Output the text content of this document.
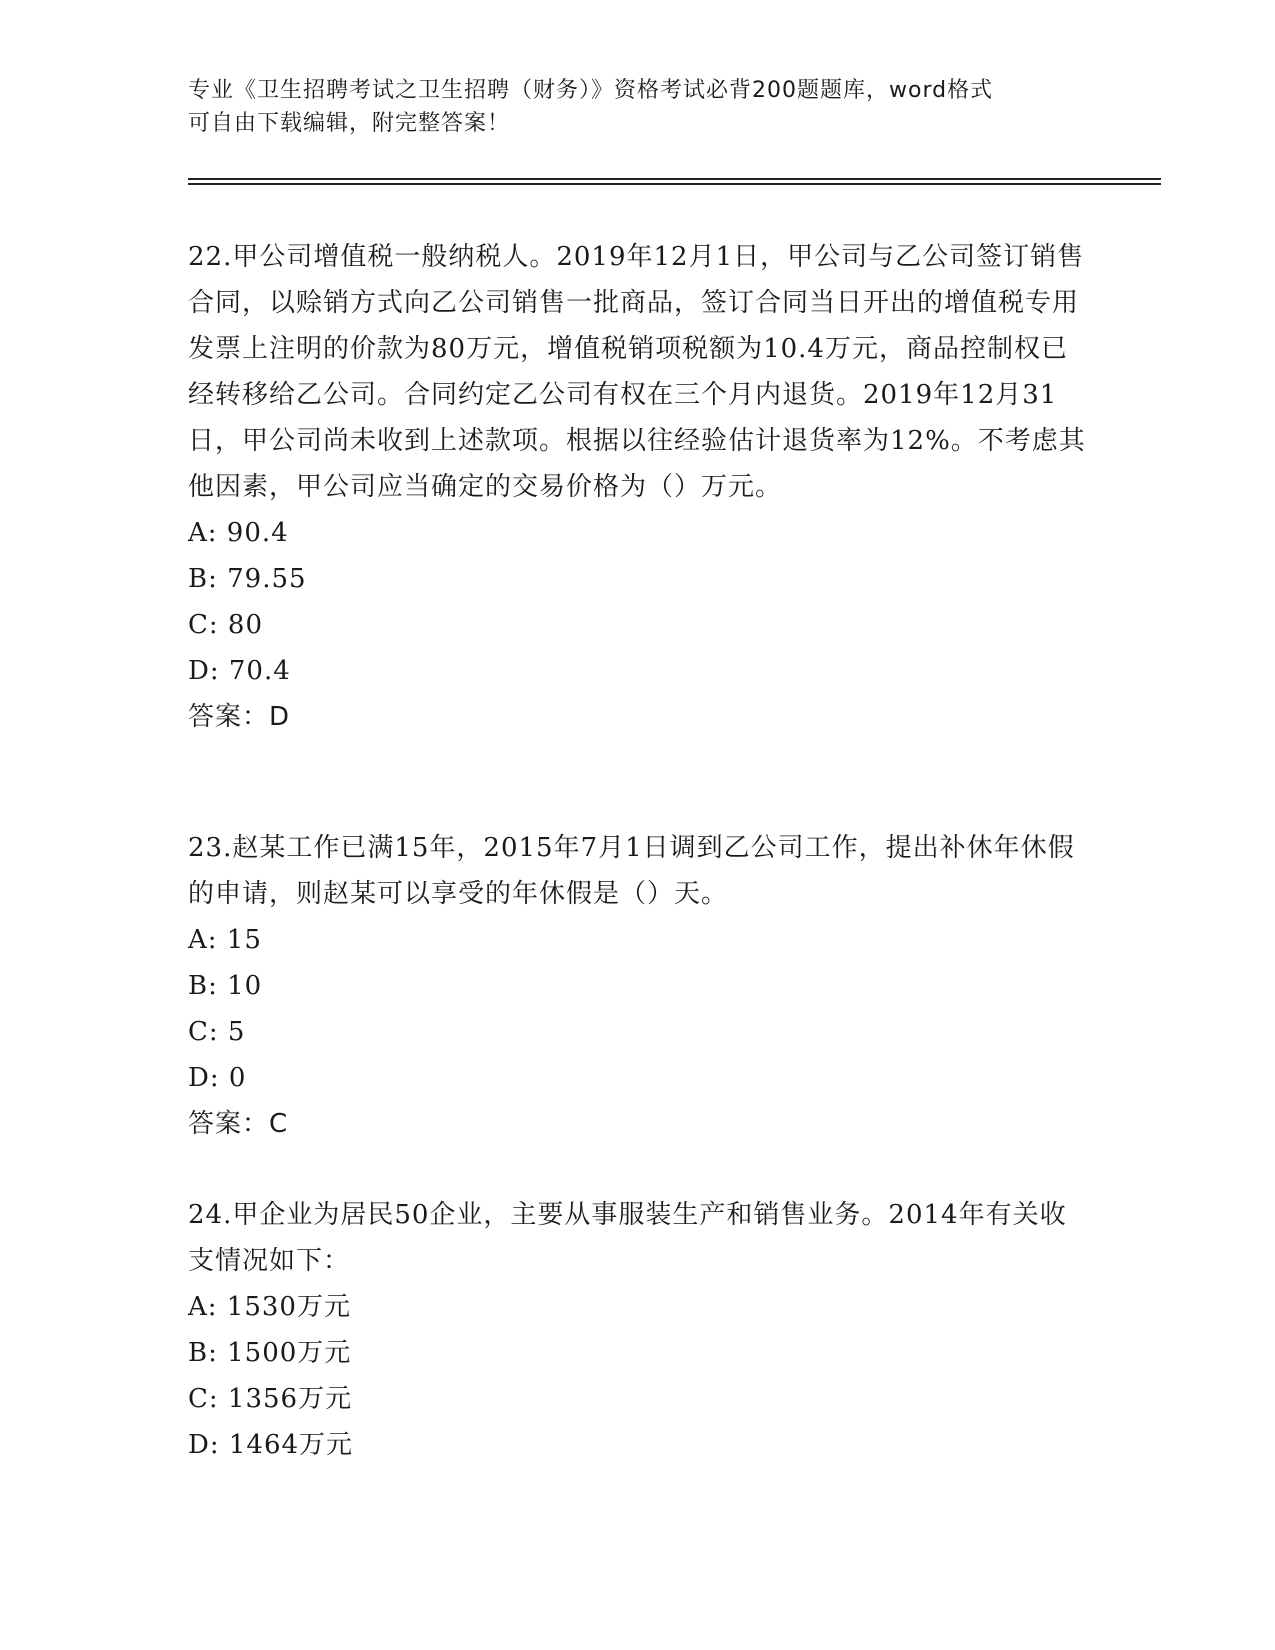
专业《卫生招聘考试之卫生招聘（财务）》资格考试必背200题题库，word格式
可自由下载编辑，附完整答案！

22.甲公司增值税一般纳税人。2019年12月1日，甲公司与乙公司签订销售合同，以赊销方式向乙公司销售一批商品，签订合同当日开出的增值税专用发票上注明的价款为80万元，增值税销项税额为10.4万元，商品控制权已经转移给乙公司。合同约定乙公司有权在三个月内退货。2019年12月31日，甲公司尚未收到上述款项。根据以往经验估计退货率为12%。不考虑其他因素，甲公司应当确定的交易价格为（）万元。

A: 90.4

B: 79.55

C: 80

D: 70.4

答案：D

23.赵某工作已满15年，2015年7月1日调到乙公司工作，提出补休年休假的申请，则赵某可以享受的年休假是（）天。

A: 15

B: 10

C: 5

D: 0

答案：C

24.甲企业为居民50企业，主要从事服装生产和销售业务。2014年有关收支情况如下：

A: 1530万元

B: 1500万元

C: 1356万元

D: 1464万元
